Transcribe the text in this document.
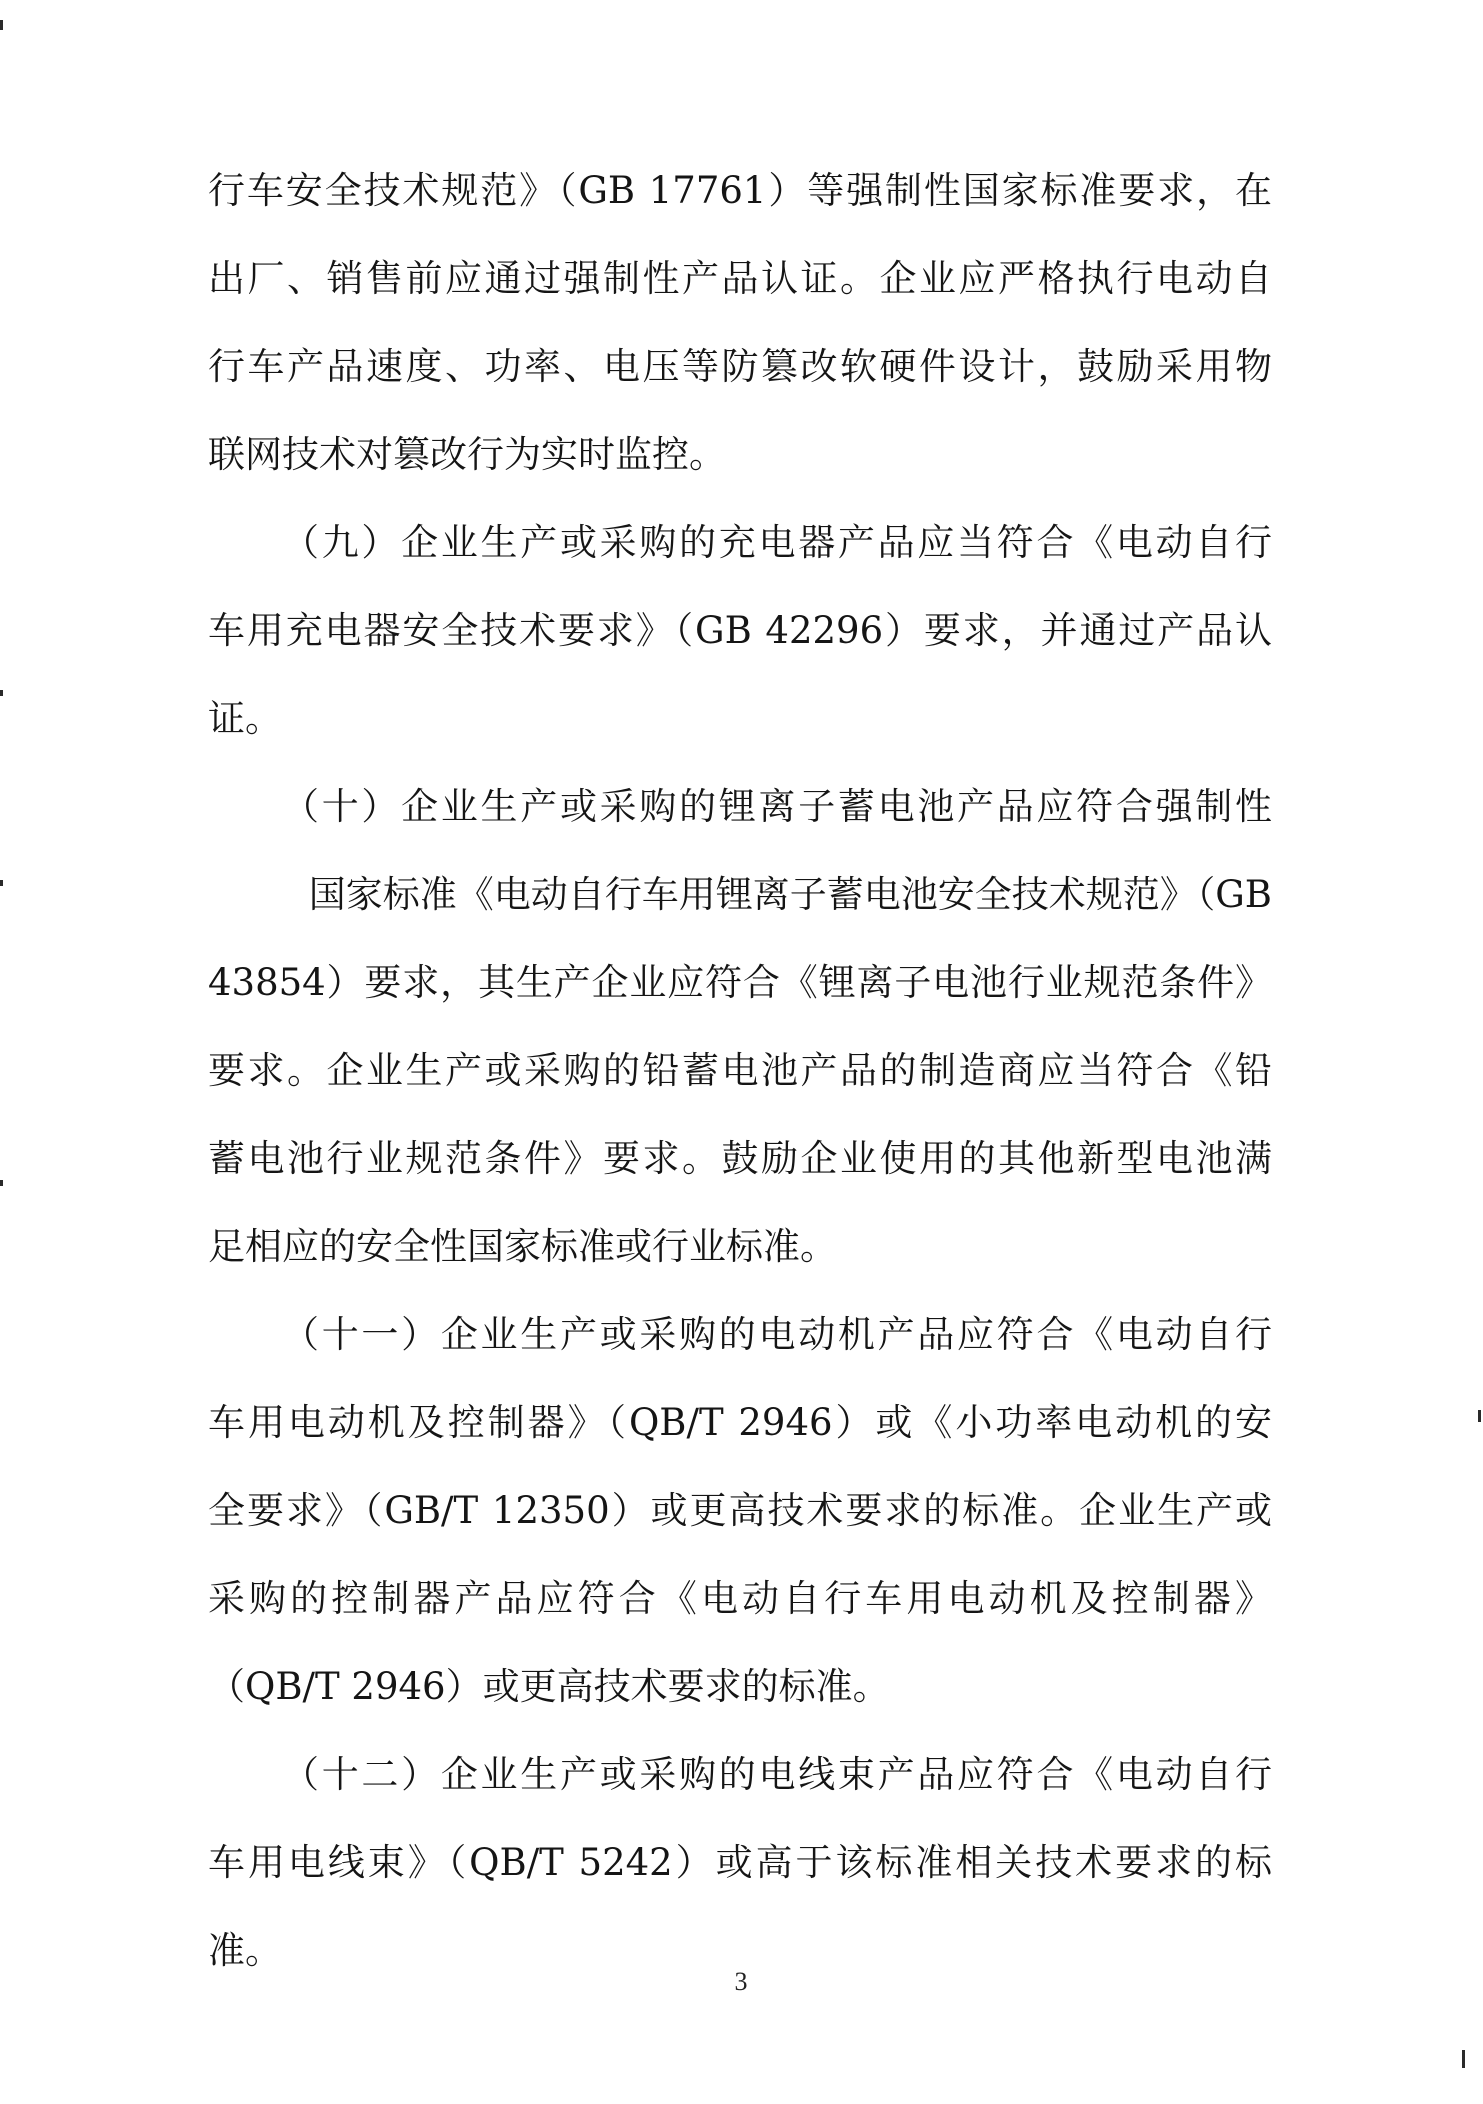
行车安全技术规范》（GB 17761）等强制性国家标准要求，在

出厂、销售前应通过强制性产品认证。企业应严格执行电动自

行车产品速度、功率、电压等防篡改软硬件设计，鼓励采用物

联网技术对篡改行为实时监控。

（九）企业生产或采购的充电器产品应当符合《电动自行

车用充电器安全技术要求》（GB 42296）要求，并通过产品认

证。

（十）企业生产或采购的锂离子蓄电池产品应符合强制性

国家标准《电动自行车用锂离子蓄电池安全技术规范》（GB

43854）要求，其生产企业应符合《锂离子电池行业规范条件》

要求。企业生产或采购的铅蓄电池产品的制造商应当符合《铅

蓄电池行业规范条件》要求。鼓励企业使用的其他新型电池满

足相应的安全性国家标准或行业标准。

（十一）企业生产或采购的电动机产品应符合《电动自行

车用电动机及控制器》（QB/T 2946）或《小功率电动机的安

全要求》（GB/T 12350）或更高技术要求的标准。企业生产或

采购的控制器产品应符合《电动自行车用电动机及控制器》

（QB/T 2946）或更高技术要求的标准。

（十二）企业生产或采购的电线束产品应符合《电动自行

车用电线束》（QB/T 5242）或高于该标准相关技术要求的标

准。

3
